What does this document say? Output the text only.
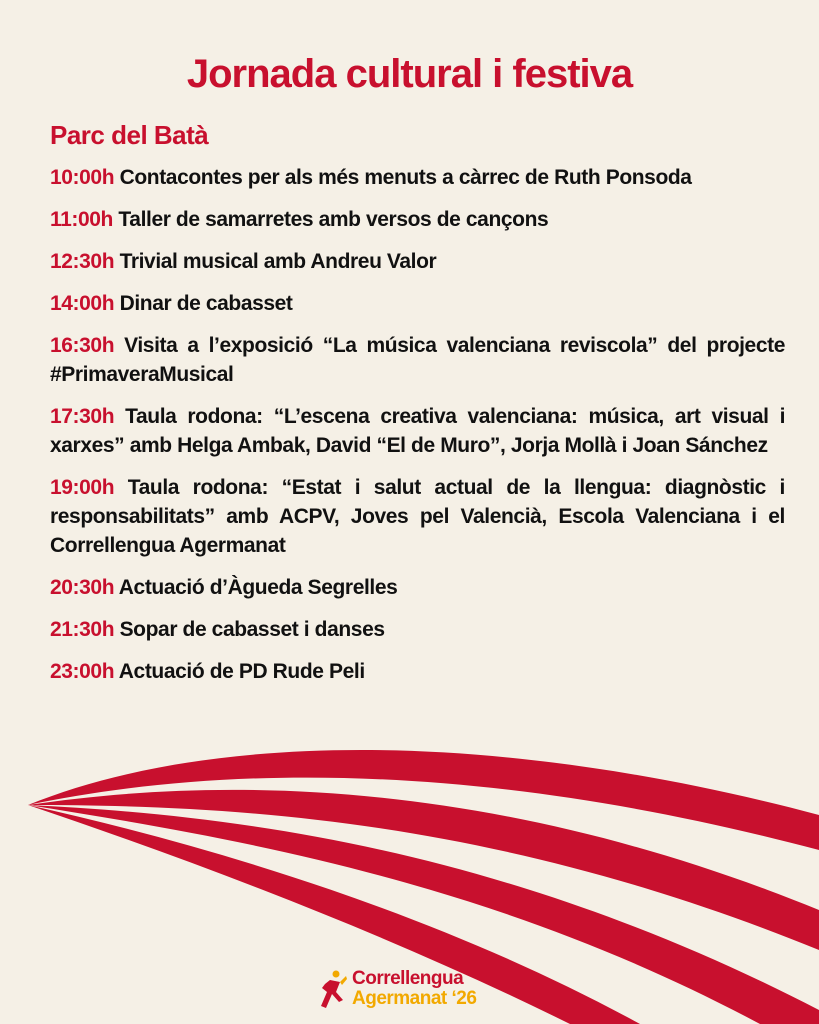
Jornada cultural i festiva
Parc del Batà
10:00h Contacontes per als més menuts a càrrec de Ruth Ponsoda
11:00h Taller de samarretes amb versos de cançons
12:30h Trivial musical amb Andreu Valor
14:00h Dinar de cabasset
16:30h Visita a l’exposició “La música valenciana reviscola” del projecte #PrimaveraMusical
17:30h Taula rodona: “L’escena creativa valenciana: música, art visual i xarxes” amb Helga Ambak, David “El de Muro”, Jorja Mollà i Joan Sánchez
19:00h Taula rodona: “Estat i salut actual de la llengua: diagnòstic i responsabilitats” amb ACPV, Joves pel Valencià, Escola Valenciana i el Correllengua Agermanat
20:30h Actuació d’Àgueda Segrelles
21:30h Sopar de cabasset i danses
23:00h Actuació de PD Rude Peli
Correllengua
Agermanat ‘26
